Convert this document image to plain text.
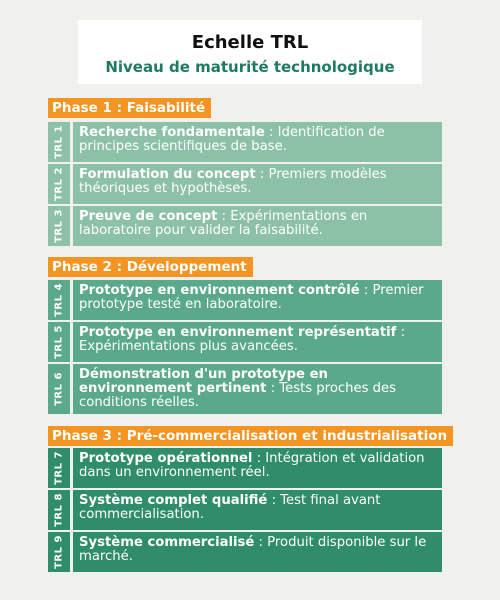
Echelle TRL
Niveau de maturité technologique
Phase 1 : Faisabilité
TRL 1	Recherche fondamentale : Identification de principes scientifiques de base.
TRL 2	Formulation du concept : Premiers modèles théoriques et hypothèses.
TRL 3	Preuve de concept : Expérimentations en laboratoire pour valider la faisabilité.
Phase 2 : Développement
TRL 4	Prototype en environnement contrôlé : Premier prototype testé en laboratoire.
TRL 5	Prototype en environnement représentatif : Expérimentations plus avancées.
TRL 6	Démonstration d'un prototype en environnement pertinent : Tests proches des conditions réelles.
Phase 3 : Pré-commercialisation et industrialisation
TRL 7	Prototype opérationnel : Intégration et validation dans un environnement réel.
TRL 8	Système complet qualifié : Test final avant commercialisation.
TRL 9	Système commercialisé : Produit disponible sur le marché.
